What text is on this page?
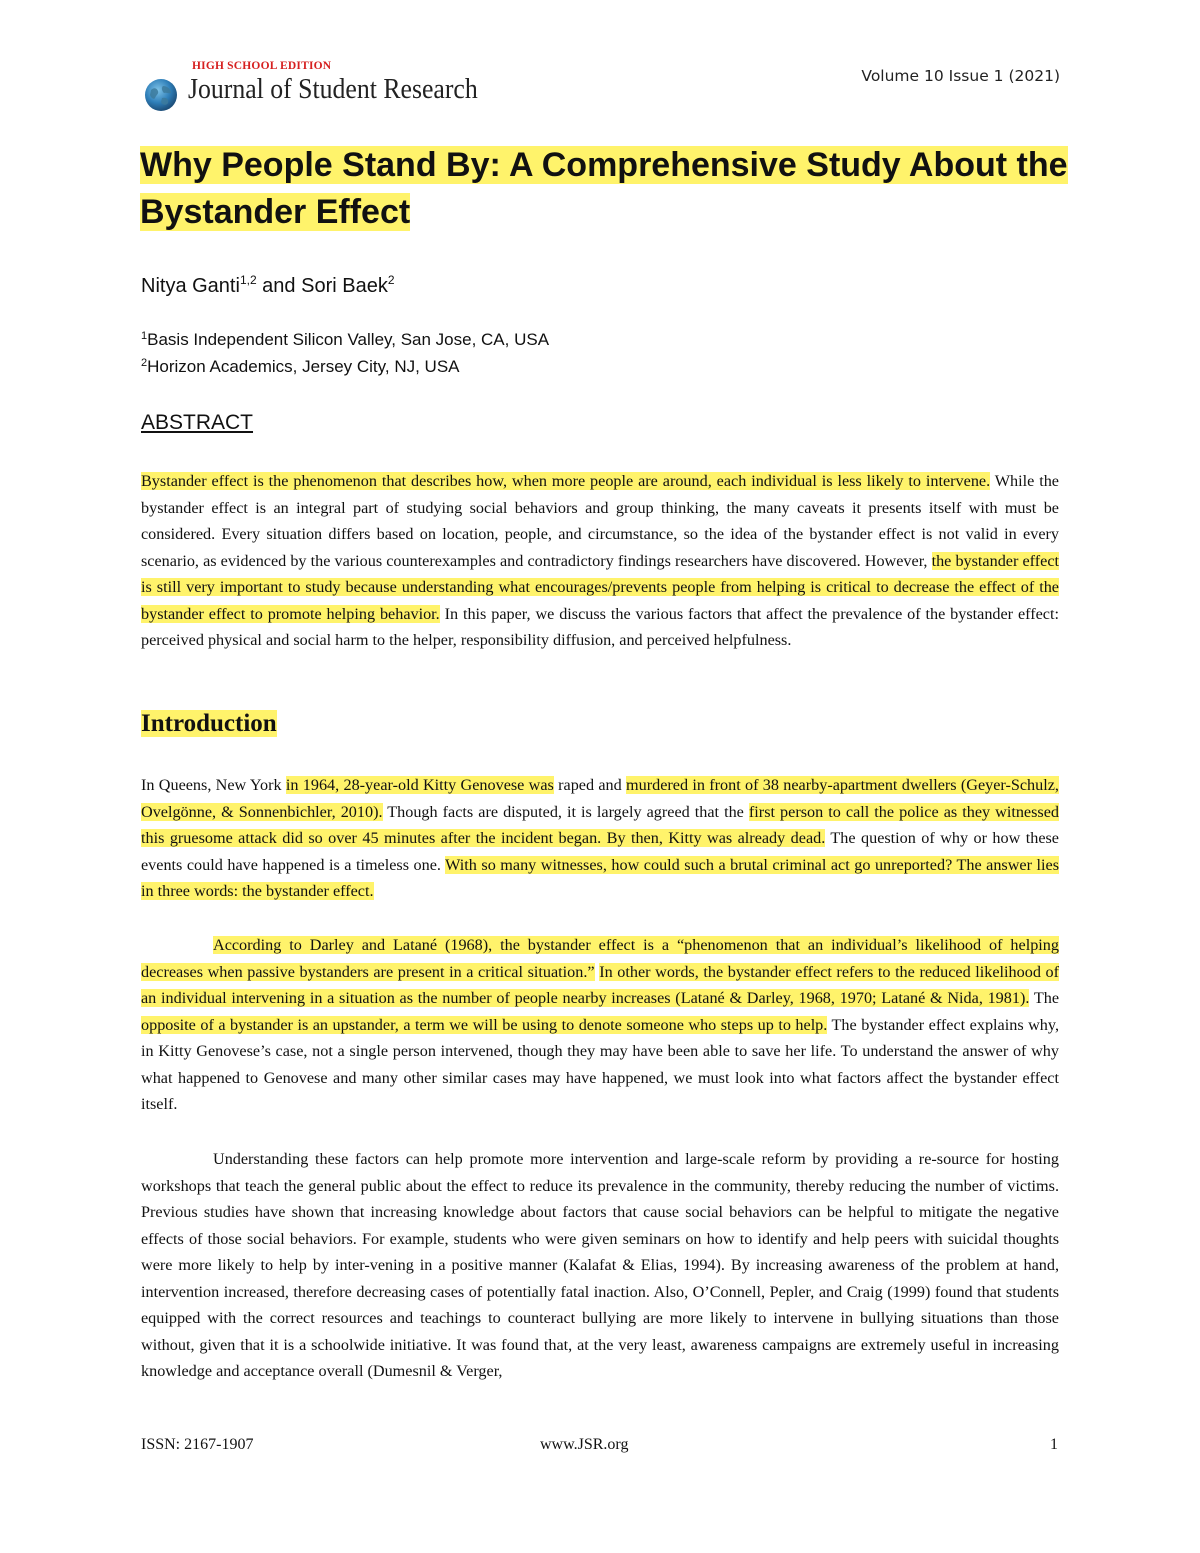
HIGH SCHOOL EDITION
Journal of Student Research	Volume 10 Issue 1 (2021)
Why People Stand By: A Comprehensive Study About the Bystander Effect
Nitya Ganti$^{1,2}$ and Sori Baek$^2$
$^1$Basis Independent Silicon Valley, San Jose, CA, USA
$^2$Horizon Academics, Jersey City, NJ, USA
ABSTRACT

Bystander effect is the phenomenon that describes how, when more people are around, each individual is less likely to intervene. While the bystander effect is an integral part of studying social behaviors and group thinking, the many caveats it presents itself with must be considered. Every situation differs based on location, people, and circumstance, so the idea of the bystander effect is not valid in every scenario, as evidenced by the various counterexamples and contradictory findings researchers have discovered. However, the bystander effect is still very important to study because understanding what encourages/prevents people from helping is critical to decrease the effect of the bystander effect to promote helping behavior. In this paper, we discuss the various factors that affect the prevalence of the bystander effect: perceived physical and social harm to the helper, responsibility diffusion, and perceived helpfulness.

Introduction

In Queens, New York in 1964, 28-year-old Kitty Genovese was raped and murdered in front of 38 nearby-apartment dwellers (Geyer-Schulz, Ovelgönne, & Sonnenbichler, 2010). Though facts are disputed, it is largely agreed that the first person to call the police as they witnessed this gruesome attack did so over 45 minutes after the incident began. By then, Kitty was already dead. The question of why or how these events could have happened is a timeless one. With so many witnesses, how could such a brutal criminal act go unreported? The answer lies in three words: the bystander effect.

According to Darley and Latané (1968), the bystander effect is a “phenomenon that an individual’s likelihood of helping decreases when passive bystanders are present in a critical situation.” In other words, the bystander effect refers to the reduced likelihood of an individual intervening in a situation as the number of people nearby increases (Latané & Darley, 1968, 1970; Latané & Nida, 1981). The opposite of a bystander is an upstander, a term we will be using to denote someone who steps up to help. The bystander effect explains why, in Kitty Genovese’s case, not a single person intervened, though they may have been able to save her life. To understand the answer of why what happened to Genovese and many other similar cases may have happened, we must look into what factors affect the bystander effect itself.

Understanding these factors can help promote more intervention and large-scale reform by providing a re-source for hosting workshops that teach the general public about the effect to reduce its prevalence in the community, thereby reducing the number of victims. Previous studies have shown that increasing knowledge about factors that cause social behaviors can be helpful to mitigate the negative effects of those social behaviors. For example, students who were given seminars on how to identify and help peers with suicidal thoughts were more likely to help by inter-vening in a positive manner (Kalafat & Elias, 1994). By increasing awareness of the problem at hand, intervention increased, therefore decreasing cases of potentially fatal inaction. Also, O’Connell, Pepler, and Craig (1999) found that students equipped with the correct resources and teachings to counteract bullying are more likely to intervene in bullying situations than those without, given that it is a schoolwide initiative. It was found that, at the very least, awareness campaigns are extremely useful in increasing knowledge and acceptance overall (Dumesnil & Verger,

ISSN: 2167-1907	www.JSR.org	1
